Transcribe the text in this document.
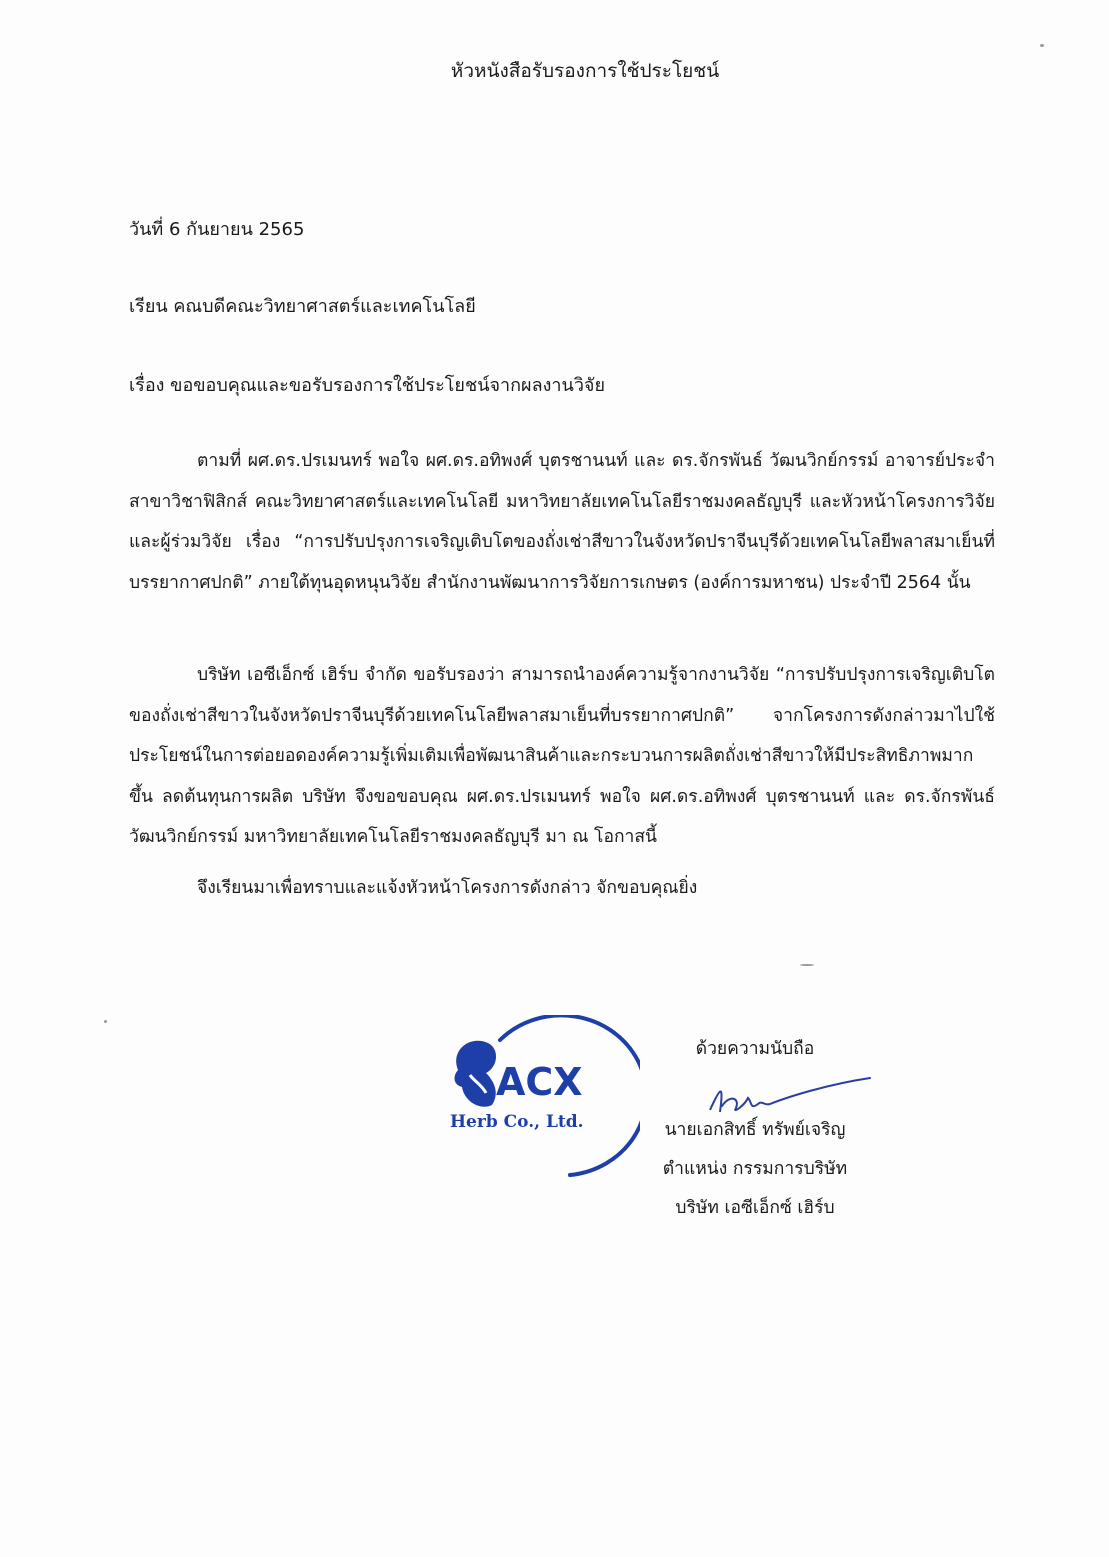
หัวหนังสือรับรองการใช้ประโยชน์
วันที่ 6 กันยายน 2565
เรียน คณบดีคณะวิทยาศาสตร์และเทคโนโลยี
เรื่อง ขอขอบคุณและขอรับรองการใช้ประโยชน์จากผลงานวิจัย

ตามที่ ผศ.ดร.ปรเมนทร์ พอใจ ผศ.ดร.อทิพงศ์ บุตรชานนท์ และ ดร.จักรพันธ์ วัฒนวิกย์กรรม์ อาจารย์ประจำสาขาวิชาฟิสิกส์ คณะวิทยาศาสตร์และเทคโนโลยี มหาวิทยาลัยเทคโนโลยีราชมงคลธัญบุรี และหัวหน้าโครงการวิจัย และผู้ร่วมวิจัย เรื่อง “การปรับปรุงการเจริญเติบโตของถั่งเช่าสีขาวในจังหวัดปราจีนบุรีด้วยเทคโนโลยีพลาสมาเย็นที่บรรยากาศปกติ” ภายใต้ทุนอุดหนุนวิจัย สำนักงานพัฒนาการวิจัยการเกษตร (องค์การมหาชน) ประจำปี 2564 นั้น

บริษัท เอซีเอ็กซ์ เฮิร์บ จำกัด ขอรับรองว่า สามารถนำองค์ความรู้จากงานวิจัย “การปรับปรุงการเจริญเติบโตของถั่งเช่าสีขาวในจังหวัดปราจีนบุรีด้วยเทคโนโลยีพลาสมาเย็นที่บรรยากาศปกติ” จากโครงการดังกล่าวมาไปใช้ประโยชน์ในการต่อยอดองค์ความรู้เพิ่มเติมเพื่อพัฒนาสินค้าและกระบวนการผลิตถั่งเช่าสีขาวให้มีประสิทธิภาพมากขึ้น ลดต้นทุนการผลิต บริษัท จึงขอขอบคุณ ผศ.ดร.ปรเมนทร์ พอใจ ผศ.ดร.อทิพงศ์ บุตรชานนท์ และ ดร.จักรพันธ์ วัฒนวิกย์กรรม์ มหาวิทยาลัยเทคโนโลยีราชมงคลธัญบุรี มา ณ โอกาสนี้

จึงเรียนมาเพื่อทราบและแจ้งหัวหน้าโครงการดังกล่าว จักขอบคุณยิ่ง
ACX
Herb Co., Ltd.
ด้วยความนับถือ
นายเอกสิทธิ์ ทรัพย์เจริญ
ตำแหน่ง กรรมการบริษัท
บริษัท เอซีเอ็กซ์ เฮิร์บ
